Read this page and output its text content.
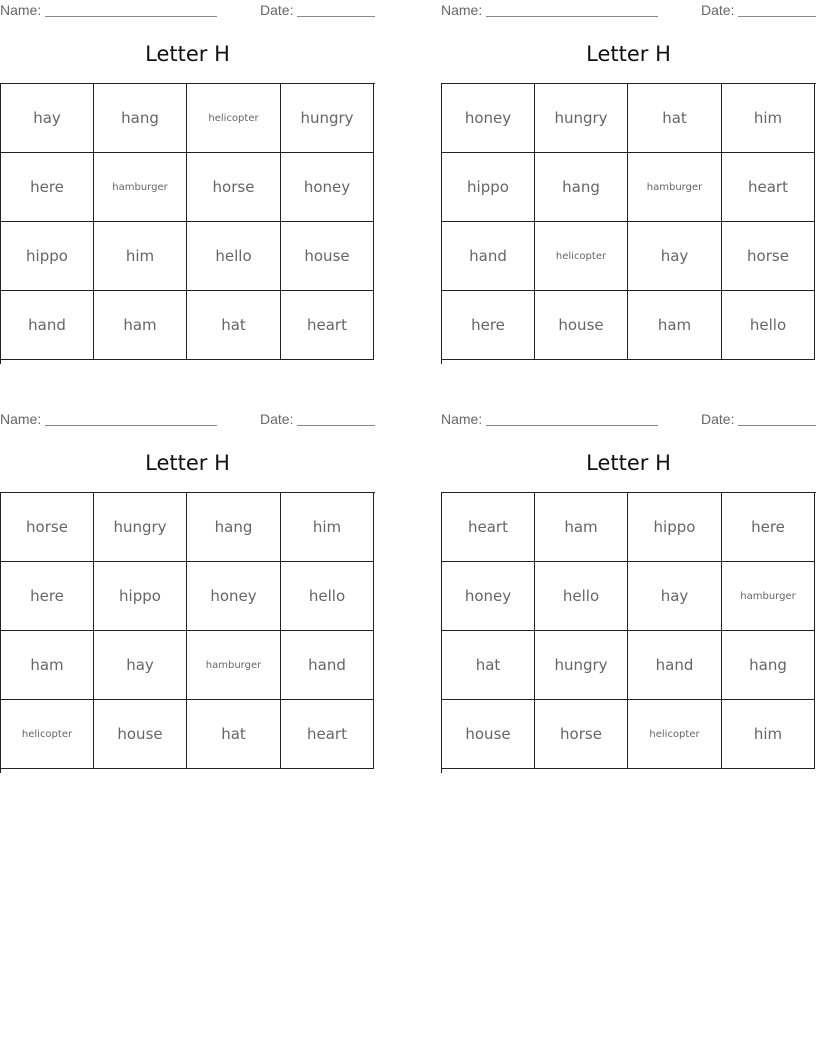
Name:	Date:
Letter H
hay	hang	helicopter	hungry
here	hamburger	horse	honey
hippo	him	hello	house
hand	ham	hat	heart
Name:	Date:
Letter H
honey	hungry	hat	him
hippo	hang	hamburger	heart
hand	helicopter	hay	horse
here	house	ham	hello
Name:	Date:
Letter H
horse	hungry	hang	him
here	hippo	honey	hello
ham	hay	hamburger	hand
helicopter	house	hat	heart
Name:	Date:
Letter H
heart	ham	hippo	here
honey	hello	hay	hamburger
hat	hungry	hand	hang
house	horse	helicopter	him
